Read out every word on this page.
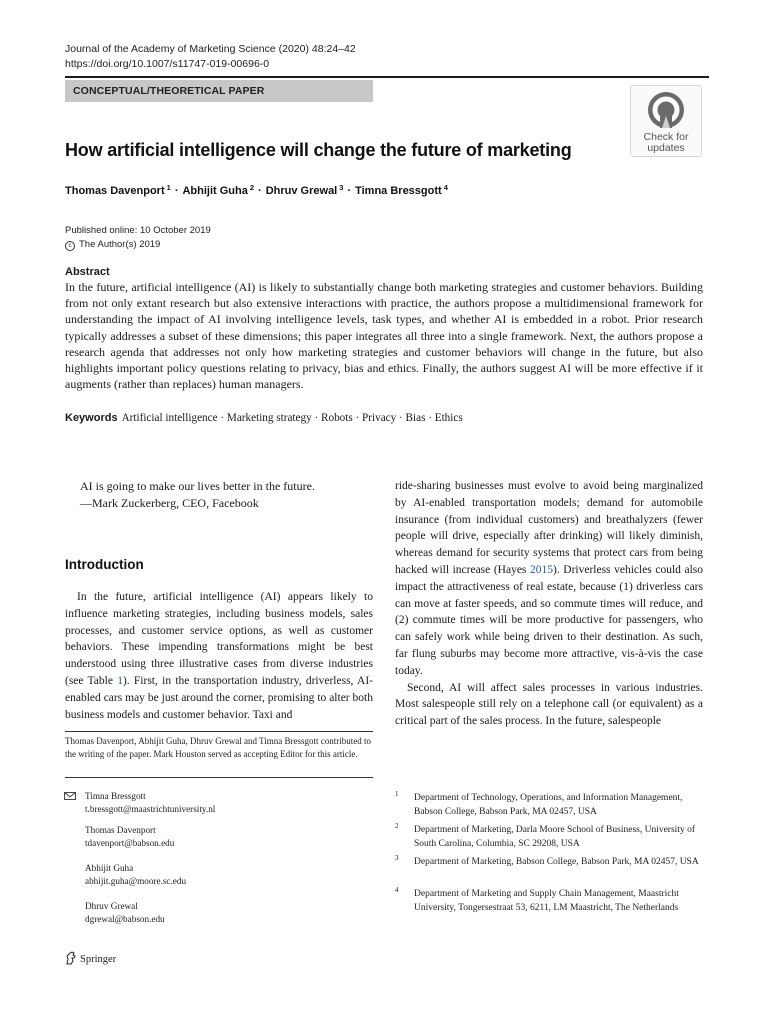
Journal of the Academy of Marketing Science (2020) 48:24–42
https://doi.org/10.1007/s11747-019-00696-0
CONCEPTUAL/THEORETICAL PAPER
Check for
updates
How artificial intelligence will change the future of marketing
Thomas Davenport $^1$ · Abhijit Guha $^2$ · Dhruv Grewal $^3$ · Timna Bressgott $^4$
Published online: 10 October 2019
c The Author(s) 2019
Abstract
In the future, artificial intelligence (AI) is likely to substantially change both marketing strategies and customer behaviors. Building from not only extant research but also extensive interactions with practice, the authors propose a multidimensional framework for understanding the impact of AI involving intelligence levels, task types, and whether AI is embedded in a robot. Prior research typically addresses a subset of these dimensions; this paper integrates all three into a single framework. Next, the authors propose a research agenda that addresses not only how marketing strategies and customer behaviors will change in the future, but also highlights important policy questions relating to privacy, bias and ethics. Finally, the authors suggest AI will be more effective if it augments (rather than replaces) human managers.
Keywords Artificial intelligence · Marketing strategy · Robots · Privacy · Bias · Ethics
AI is going to make our lives better in the future.
—Mark Zuckerberg, CEO, Facebook
Introduction
In the future, artificial intelligence (AI) appears likely to influence marketing strategies, including business models, sales processes, and customer service options, as well as customer behaviors. These impending transformations might be best understood using three illustrative cases from diverse industries (see Table 1). First, in the transportation industry, driverless, AI-enabled cars may be just around the corner, promising to alter both business models and customer behavior. Taxi and

ride-sharing businesses must evolve to avoid being marginalized by AI-enabled transportation models; demand for automobile insurance (from individual customers) and breathalyzers (fewer people will drive, especially after drinking) will likely diminish, whereas demand for security systems that protect cars from being hacked will increase (Hayes 2015). Driverless vehicles could also impact the attractiveness of real estate, because (1) driverless cars can move at faster speeds, and so commute times will reduce, and (2) commute times will be more productive for passengers, who can safely work while being driven to their destination. As such, far flung suburbs may become more attractive, vis-à-vis the case today.

Second, AI will affect sales processes in various industries. Most salespeople still rely on a telephone call (or equivalent) as a critical part of the sales process. In the future, salespeople

Thomas Davenport, Abhijit Guha, Dhruv Grewal and Timna Bressgott contributed to the writing of the paper. Mark Houston served as accepting Editor for this article.
Timna Bressgott
t.bressgott@maastrichtuniversity.nl
Thomas Davenport
tdavenport@babson.edu
Abhijit Guha
abhijit.guha@moore.sc.edu
Dhruv Grewal
dgrewal@babson.edu
1 Department of Technology, Operations, and Information Management, Babson College, Babson Park, MA 02457, USA
2 Department of Marketing, Darla Moore School of Business, University of South Carolina, Columbia, SC 29208, USA
3 Department of Marketing, Babson College, Babson Park, MA 02457, USA
4 Department of Marketing and Supply Chain Management, Maastricht University, Tongersestraat 53, 6211, LM Maastricht, The Netherlands
Springer
